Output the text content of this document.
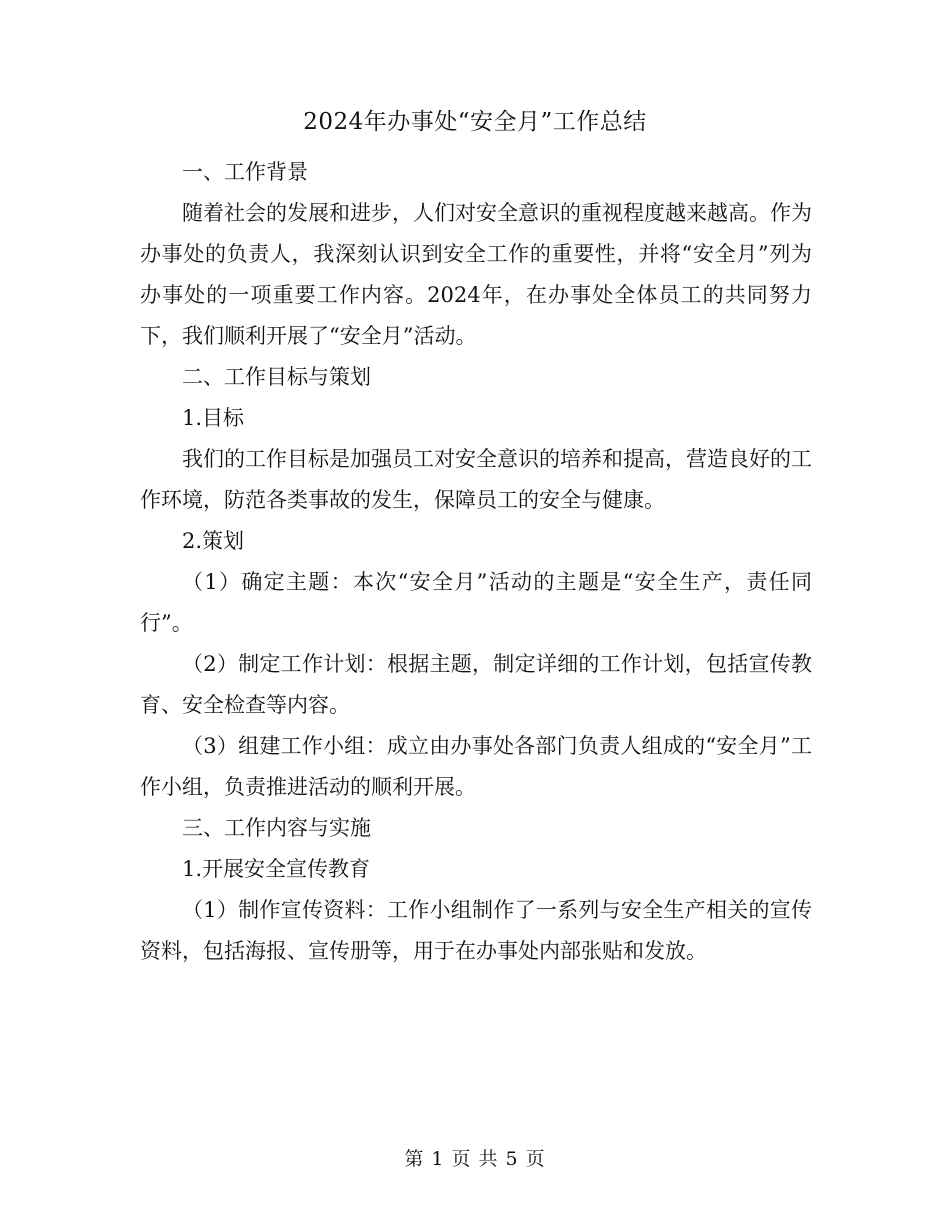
2024年办事处“安全月”工作总结

一、工作背景

随着社会的发展和进步，人们对安全意识的重视程度越来越高。作为办事处的负责人，我深刻认识到安全工作的重要性，并将“安全月”列为办事处的一项重要工作内容。2024年，在办事处全体员工的共同努力下，我们顺利开展了“安全月”活动。

二、工作目标与策划

1.目标

我们的工作目标是加强员工对安全意识的培养和提高，营造良好的工作环境，防范各类事故的发生，保障员工的安全与健康。

2.策划

（1）确定主题：本次“安全月”活动的主题是“安全生产，责任同行”。

（2）制定工作计划：根据主题，制定详细的工作计划，包括宣传教育、安全检查等内容。

（3）组建工作小组：成立由办事处各部门负责人组成的“安全月”工作小组，负责推进活动的顺利开展。

三、工作内容与实施

1.开展安全宣传教育

（1）制作宣传资料：工作小组制作了一系列与安全生产相关的宣传资料，包括海报、宣传册等，用于在办事处内部张贴和发放。

第 1 页 共 5 页
